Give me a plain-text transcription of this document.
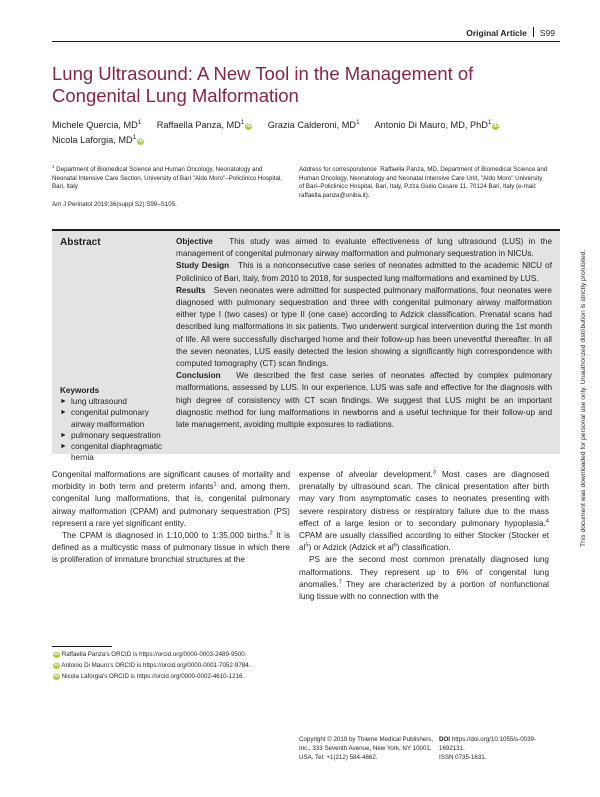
Original Article S99
Lung Ultrasound: A New Tool in the Management of Congenital Lung Malformation
Michele Quercia, $MD^1$ Raffaella Panza, $MD^1iD$ Grazia Calderoni, $MD^1$ Antonio Di Mauro, MD, PhD$^1$iD
Nicola Laforgia, $MD^1iD$
$^1$ Department of Biomedical Science and Human Oncology, Neonatology and Neonatal Intensive Care Section, University of Bari "Aldo Moro"–Policlinico Hospital, Bari, Italy
Address for correspondence Raffaella Panza, MD, Department of Biomedical Science and Human Oncology, Neonatology and Neonatal Intensive Care Unit, "Aldo Moro" University of Bari–Policlinico Hospital, Bari, Italy, P.zza Giulio Cesare 11, 70124 Bari, Italy (e-mail: raffaella.panza@uniba.it).
Am J Perinatol 2019;36(suppl S2):S99–S105.
Abstract
Keywords
► lung ultrasound
► congenital pulmonary airway malformation
► pulmonary sequestration
► congenital diaphragmatic hernia

Objective This study was aimed to evaluate effectiveness of lung ultrasound (LUS) in the management of congenital pulmonary airway malformation and pulmonary sequestration in NICUs.

Study Design This is a nonconsecutive case series of neonates admitted to the academic NICU of Policlinico of Bari, Italy, from 2010 to 2018, for suspected lung malformations and examined by LUS.

Results Seven neonates were admitted for suspected pulmonary malformations, four neonates were diagnosed with pulmonary sequestration and three with congenital pulmonary airway malformation either type I (two cases) or type II (one case) according to Adzick classification. Prenatal scans had described lung malformations in six patients. Two underwent surgical intervention during the 1st month of life. All were successfully discharged home and their follow-up has been uneventful thereafter. In all the seven neonates, LUS easily detected the lesion showing a significantly high correspondence with computed tomography (CT) scan findings.

Conclusion We described the first case series of neonates affected by complex pulmonary malformations, assessed by LUS. In our experience, LUS was safe and effective for the diagnosis with high degree of consistency with CT scan findings. We suggest that LUS might be an important diagnostic method for lung malformations in newborns and a useful technique for their follow-up and late management, avoiding multiple exposures to radiations.

Congenital malformations are significant causes of mortality and morbidity in both term and preterm infants$^1$ and, among them, congenital lung malformations, that is, congenital pulmonary airway malformation (CPAM) and pulmonary sequestration (PS) represent a rare yet significant entity.

The CPAM is diagnosed in 1:10,000 to 1:35,000 births.$^2$ It is defined as a multicystic mass of pulmonary tissue in which there is proliferation of immature bronchial structures at the

expense of alveolar development.$^3$ Most cases are diagnosed prenatally by ultrasound scan. The clinical presentation after birth may vary from asymptomatic cases to neonates presenting with severe respiratory distress or respiratory failure due to the mass effect of a large lesion or to secondary pulmonary hypoplasia.$^4$ CPAM are usually classified according to either Stocker (Stocker et $al^5$) or Adzick (Adzick et $al^6$) classification.

PS are the second most common prenatally diagnosed lung malformations. They represent up to 6% of congenital lung anomalies.$^7$ They are characterized by a portion of nonfunctional lung tissue with no connection with the

iD Raffaella Panza's ORCID is https://orcid.org/0000-0003-2489-9500.
iD Antonio Di Mauro's ORCID is https://orcid.org/0000-0001-7052-9784.
iD Nicola Laforgia's ORCID is https://orcid.org/0000-0002-4610-1216.
Copyright © 2019 by Thieme Medical Publishers, Inc., 333 Seventh Avenue, New York, NY 10001, USA. Tel: +1(212) 584-4662.
DOI https://doi.org/10.1055/s-0039-1692131.
ISSN 0735-1631.
This document was downloaded for personal use only. Unauthorized distribution is strictly prohibited.
